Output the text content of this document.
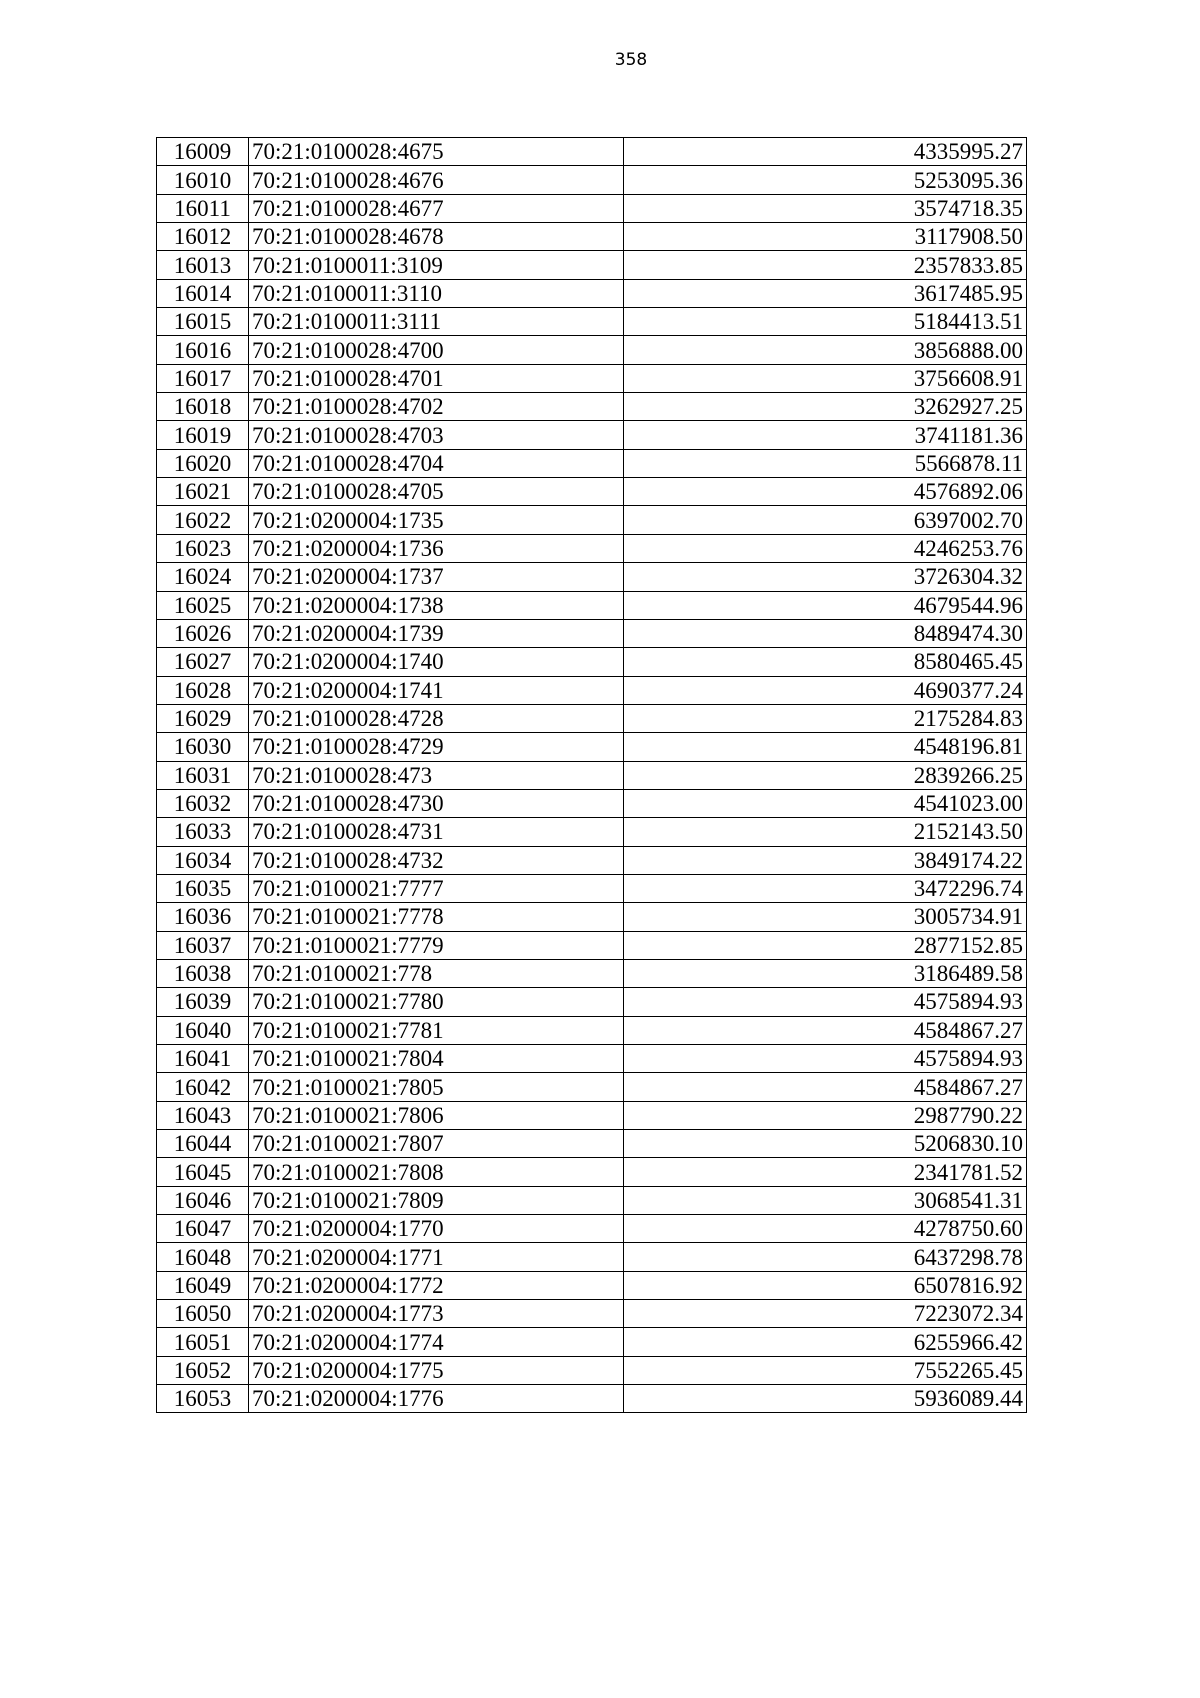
358
16009	70:21:0100028:4675	4335995.27
16010	70:21:0100028:4676	5253095.36
16011	70:21:0100028:4677	3574718.35
16012	70:21:0100028:4678	3117908.50
16013	70:21:0100011:3109	2357833.85
16014	70:21:0100011:3110	3617485.95
16015	70:21:0100011:3111	5184413.51
16016	70:21:0100028:4700	3856888.00
16017	70:21:0100028:4701	3756608.91
16018	70:21:0100028:4702	3262927.25
16019	70:21:0100028:4703	3741181.36
16020	70:21:0100028:4704	5566878.11
16021	70:21:0100028:4705	4576892.06
16022	70:21:0200004:1735	6397002.70
16023	70:21:0200004:1736	4246253.76
16024	70:21:0200004:1737	3726304.32
16025	70:21:0200004:1738	4679544.96
16026	70:21:0200004:1739	8489474.30
16027	70:21:0200004:1740	8580465.45
16028	70:21:0200004:1741	4690377.24
16029	70:21:0100028:4728	2175284.83
16030	70:21:0100028:4729	4548196.81
16031	70:21:0100028:473	2839266.25
16032	70:21:0100028:4730	4541023.00
16033	70:21:0100028:4731	2152143.50
16034	70:21:0100028:4732	3849174.22
16035	70:21:0100021:7777	3472296.74
16036	70:21:0100021:7778	3005734.91
16037	70:21:0100021:7779	2877152.85
16038	70:21:0100021:778	3186489.58
16039	70:21:0100021:7780	4575894.93
16040	70:21:0100021:7781	4584867.27
16041	70:21:0100021:7804	4575894.93
16042	70:21:0100021:7805	4584867.27
16043	70:21:0100021:7806	2987790.22
16044	70:21:0100021:7807	5206830.10
16045	70:21:0100021:7808	2341781.52
16046	70:21:0100021:7809	3068541.31
16047	70:21:0200004:1770	4278750.60
16048	70:21:0200004:1771	6437298.78
16049	70:21:0200004:1772	6507816.92
16050	70:21:0200004:1773	7223072.34
16051	70:21:0200004:1774	6255966.42
16052	70:21:0200004:1775	7552265.45
16053	70:21:0200004:1776	5936089.44
